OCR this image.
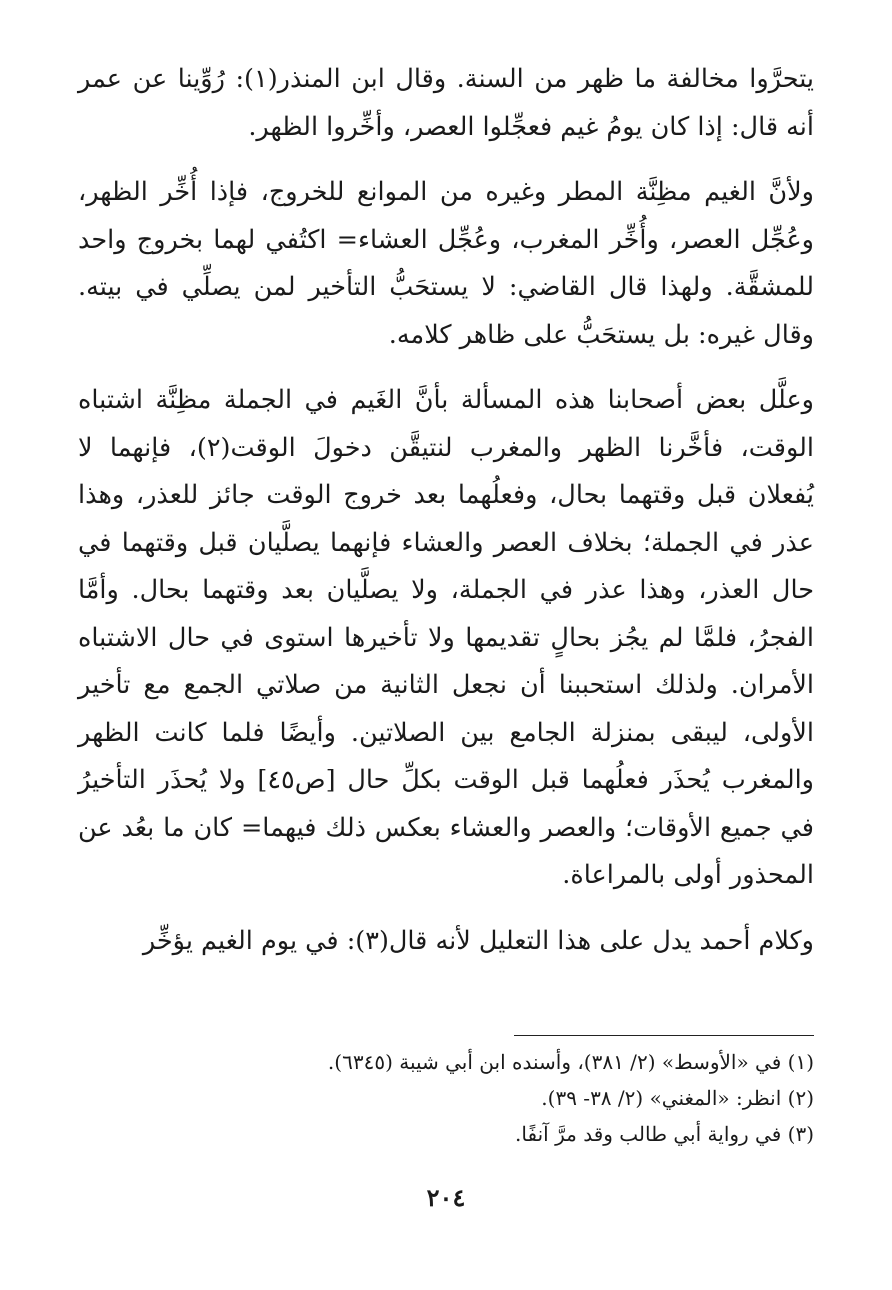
يتحرَّوا مخالفة ما ظهر من السنة. وقال ابن المنذر(١): رُوِّينا عن عمر أنه قال: إذا كان يومُ غيم فعجِّلوا العصر، وأخِّروا الظهر.

ولأنَّ الغيم مظِنَّة المطر وغيره من الموانع للخروج، فإذا أُخِّر الظهر، وعُجِّل العصر، وأُخِّر المغرب، وعُجِّل العشاء= اكتُفي لهما بخروج واحد للمشقَّة. ولهذا قال القاضي: لا يستحَبُّ التأخير لمن يصلِّي في بيته. وقال غيره: بل يستحَبُّ على ظاهر كلامه.

وعلَّل بعض أصحابنا هذه المسألة بأنَّ الغَيم في الجملة مظِنَّة اشتباه الوقت، فأخَّرنا الظهر والمغرب لنتيقَّن دخولَ الوقت(٢)، فإنهما لا يُفعلان قبل وقتهما بحال، وفعلُهما بعد خروج الوقت جائز للعذر، وهذا عذر في الجملة؛ بخلاف العصر والعشاء فإنهما يصلَّيان قبل وقتهما في حال العذر، وهذا عذر في الجملة، ولا يصلَّيان بعد وقتهما بحال. وأمَّا الفجرُ، فلمَّا لم يجُز بحالٍ تقديمها ولا تأخيرها استوى في حال الاشتباه الأمران. ولذلك استحببنا أن نجعل الثانية من صلاتي الجمع مع تأخير الأولى، ليبقى بمنزلة الجامع بين الصلاتين. وأيضًا فلما كانت الظهر والمغرب يُحذَر فعلُهما قبل الوقت بكلِّ حال [ص٤٥] ولا يُحذَر التأخيرُ في جميع الأوقات؛ والعصر والعشاء بعكس ذلك فيهما= كان ما بعُد عن المحذور أولى بالمراعاة.

وكلام أحمد يدل على هذا التعليل لأنه قال(٣): في يوم الغيم يؤخِّر

(١) في «الأوسط» (٢/ ٣٨١)، وأسنده ابن أبي شيبة (٦٣٤٥).

(٢) انظر: «المغني» (٢/ ٣٨- ٣٩).

(٣) في رواية أبي طالب وقد مرَّ آنفًا.

٢٠٤
